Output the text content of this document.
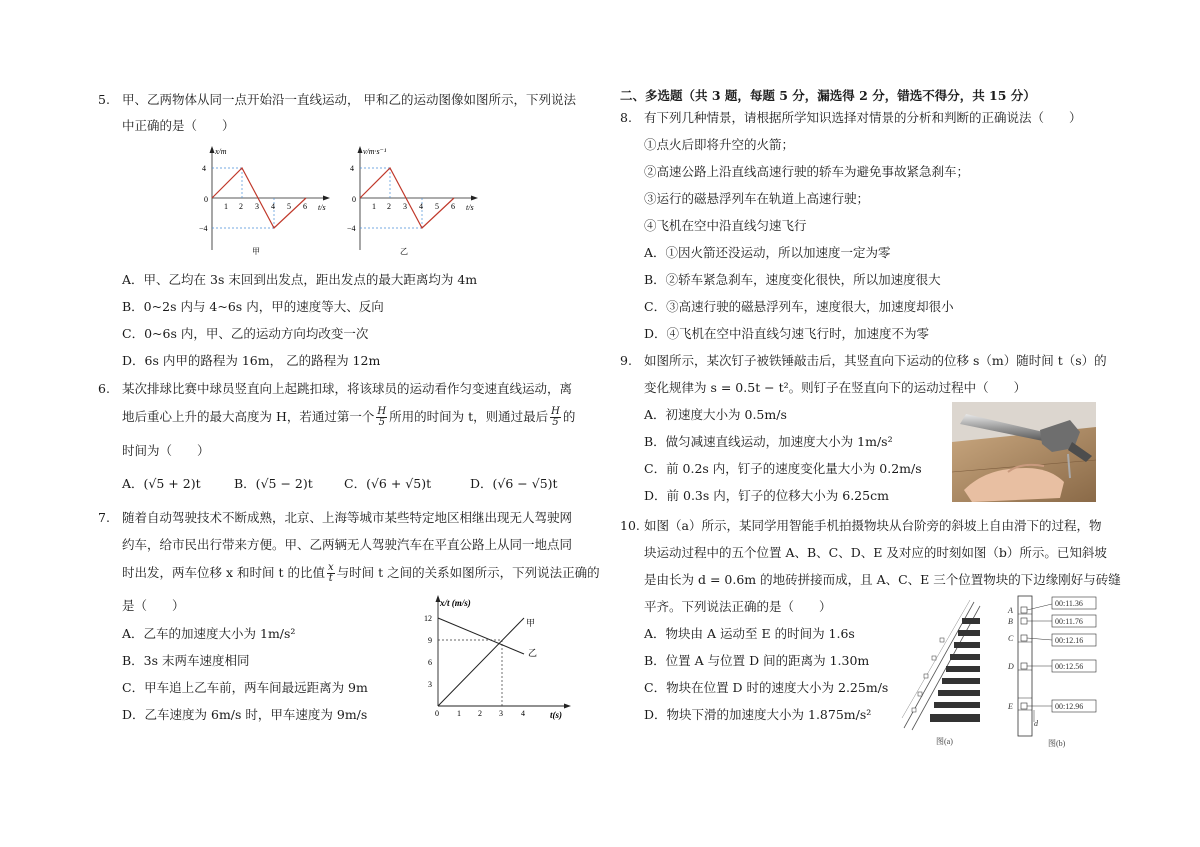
5. 甲、乙两物体从同一点开始沿一直线运动， 甲和乙的运动图像如图所示，下列说法
中正确的是（　　）
x/m
t/s
4
0
−4
1 2 3 4 5 6
甲
v/m·s⁻¹
t/s
4
0
−4
1 2 3 4 5 6
乙
A．甲、乙均在 3s 末回到出发点，距出发点的最大距离均为 4m
B．0~2s 内与 4~6s 内，甲的速度等大、反向
C．0~6s 内，甲、乙的运动方向均改变一次
D．6s 内甲的路程为 16m， 乙的路程为 12m
6. 某次排球比赛中球员竖直向上起跳扣球，将该球员的运动看作匀变速直线运动，离
地后重心上升的最大高度为 H，若通过第一个 $\frac{H}{5}$ 所用的时间为 t，则通过最后 $\frac{H}{5}$ 的
时间为（　　）
A．(√5 + 2)t	B．(√5 − 2)t C．(√6 + √5)t	D．(√6 − √5)t
7. 随着自动驾驶技术不断成熟，北京、上海等城市某些特定地区相继出现无人驾驶网
约车，给市民出行带来方便。甲、乙两辆无人驾驶汽车在平直公路上从同一地点同
时出发，两车位移 x 和时间 t 的比值 $\frac{x}{t}$ 与时间 t 之间的关系如图所示，下列说法正确的
是（　　）
A．乙车的加速度大小为 1m/s²
B．3s 末两车速度相同
C．甲车追上乙车前，两车间最远距离为 9m
D．乙车速度为 6m/s 时，甲车速度为 9m/s
x/t (m/s)
t(s)
甲
乙
12
9
6
3
0 1 2 3 4
二、多选题（共 3 题，每题 5 分，漏选得 2 分，错选不得分，共 15 分）
8. 有下列几种情景，请根据所学知识选择对情景的分析和判断的正确说法（　　）
①点火后即将升空的火箭；
②高速公路上沿直线高速行驶的轿车为避免事故紧急刹车；
③运行的磁悬浮列车在轨道上高速行驶；
④飞机在空中沿直线匀速飞行
A．①因火箭还没运动，所以加速度一定为零
B．②轿车紧急刹车，速度变化很快，所以加速度很大
C．③高速行驶的磁悬浮列车，速度很大，加速度却很小
D．④飞机在空中沿直线匀速飞行时，加速度不为零
9. 如图所示，某次钉子被铁锤敲击后，其竖直向下运动的位移 s（m）随时间 t（s）的
变化规律为 s = 0.5t − t²。则钉子在竖直向下的运动过程中（　　）
A．初速度大小为 0.5m/s
B．做匀减速直线运动，加速度大小为 1m/s²
C．前 0.2s 内，钉子的速度变化量大小为 0.2m/s
D．前 0.3s 内，钉子的位移大小为 6.25cm
10. 如图（a）所示，某同学用智能手机拍摄物块从台阶旁的斜坡上自由滑下的过程，物
块运动过程中的五个位置 A、B、C、D、E 及对应的时刻如图（b）所示。已知斜坡
是由长为 d = 0.6m 的地砖拼接而成，且 A、C、E 三个位置物块的下边缘刚好与砖缝
平齐。下列说法正确的是（　　）
A．物块由 A 运动至 E 的时间为 1.6s
B．位置 A 与位置 D 间的距离为 1.30m
C．物块在位置 D 时的速度大小为 2.25m/s
D．物块下滑的加速度大小为 1.875m/s²
图(a)
A
B
C
D
E
d
00:11.36
00:11.76
00:12.16
00:12.56
00:12.96
图(b)
